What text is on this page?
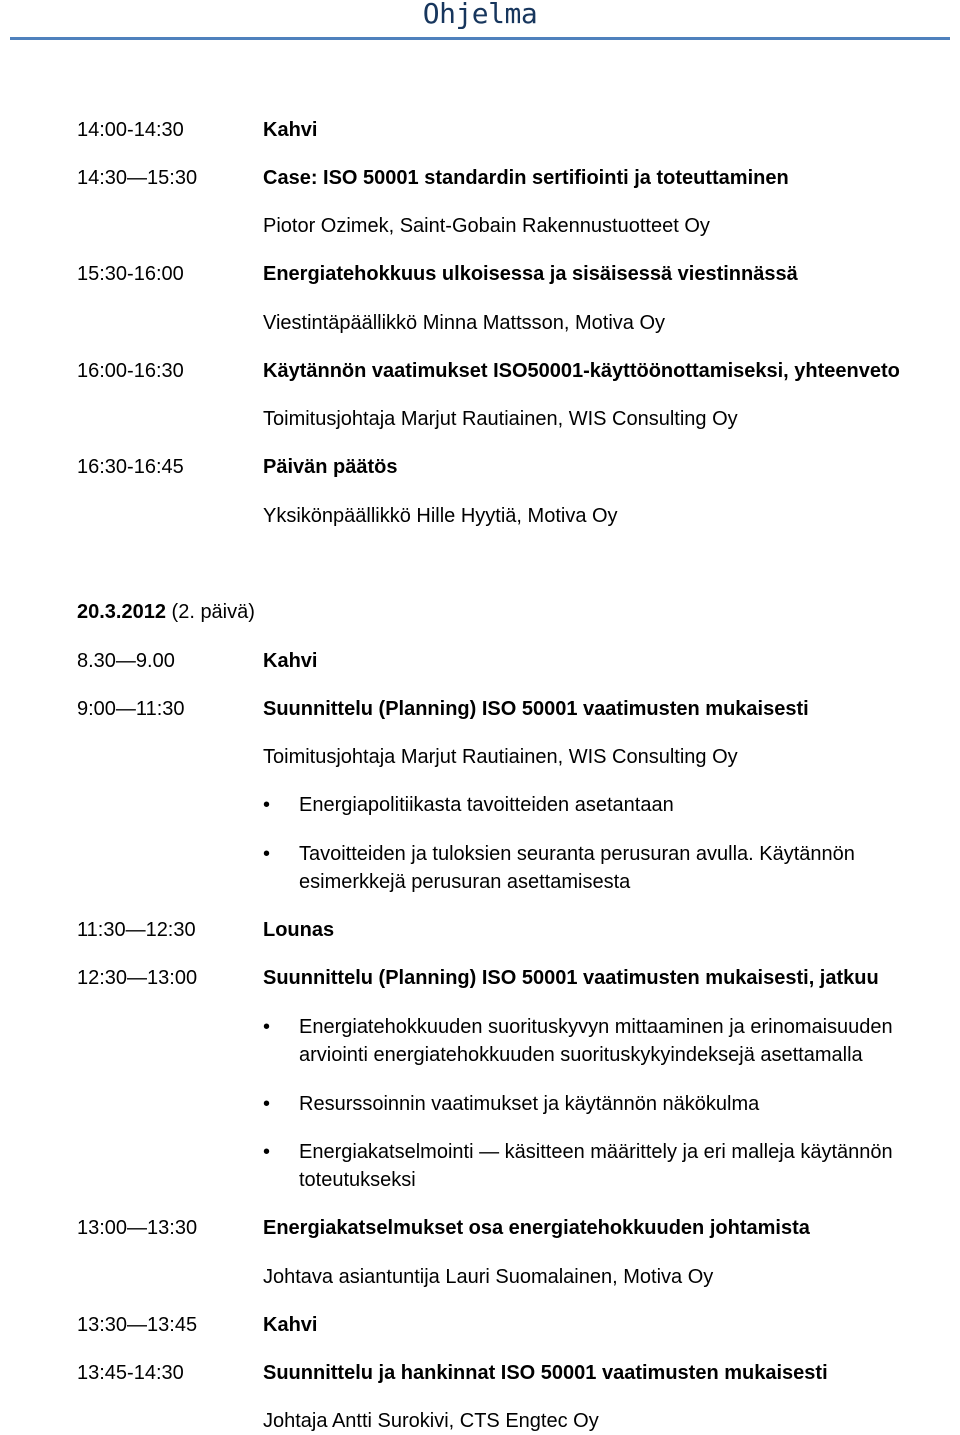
Ohjelma
14:00-14:30	Kahvi
14:30—15:30	Case: ISO 50001 standardin sertifiointi ja toteuttaminen
Piotor Ozimek, Saint-Gobain Rakennustuotteet Oy
15:30-16:00	Energiatehokkuus ulkoisessa ja sisäisessä viestinnässä
Viestintäpäällikkö Minna Mattsson, Motiva Oy
16:00-16:30	Käytännön vaatimukset ISO50001-käyttöönottamiseksi, yhteenveto
Toimitusjohtaja Marjut Rautiainen, WIS Consulting Oy
16:30-16:45	Päivän päätös
Yksikönpäällikkö Hille Hyytiä, Motiva Oy
20.3.2012 (2. päivä)
8.30—9.00	Kahvi
9:00—11:30	Suunnittelu (Planning) ISO 50001 vaatimusten mukaisesti
Toimitusjohtaja Marjut Rautiainen, WIS Consulting Oy
•	Energiapolitiikasta tavoitteiden asetantaan
•	Tavoitteiden ja tuloksien seuranta perusuran avulla. Käytännön esimerkkejä perusuran asettamisesta
11:30—12:30	Lounas
12:30—13:00	Suunnittelu (Planning) ISO 50001 vaatimusten mukaisesti, jatkuu
•	Energiatehokkuuden suorituskyvyn mittaaminen ja erinomaisuuden arviointi energiatehokkuuden suorituskykyindeksejä asettamalla
•	Resurssoinnin vaatimukset ja käytännön näkökulma
•	Energiakatselmointi — käsitteen määrittely ja eri malleja käytännön toteutukseksi
13:00—13:30	Energiakatselmukset osa energiatehokkuuden johtamista
Johtava asiantuntija Lauri Suomalainen, Motiva Oy
13:30—13:45	Kahvi
13:45-14:30	Suunnittelu ja hankinnat ISO 50001 vaatimusten mukaisesti
Johtaja Antti Surokivi, CTS Engtec Oy
